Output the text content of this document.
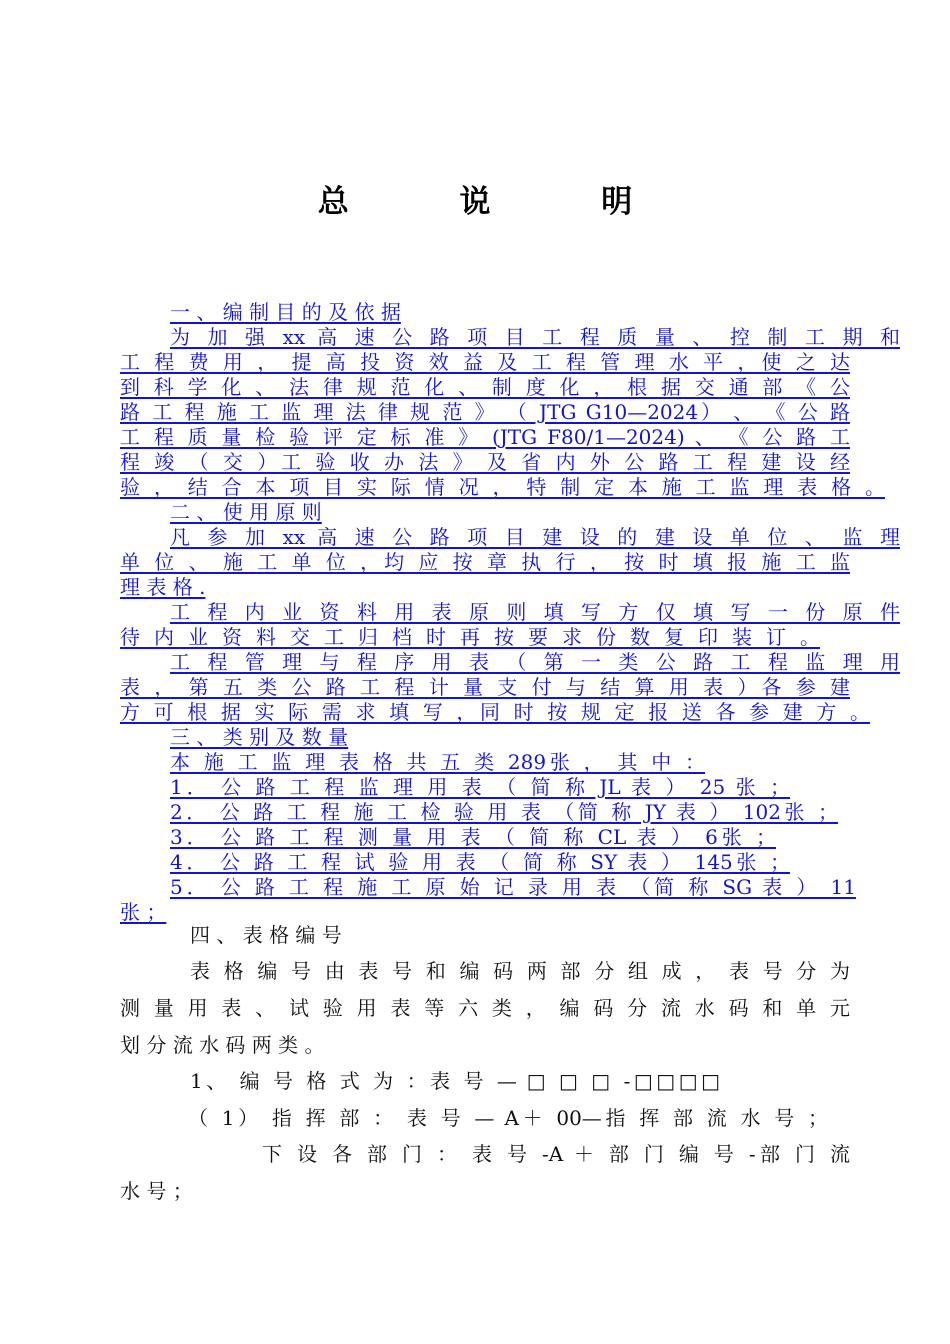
总 说 明

一 、 编 制 目 的 及 依 据

为 加 强 xx 高 速 公 路 项 目 工 程 质 量 、 控 制 工 期 和

工 程 费 用 ， 提 高 投 资 效 益 及 工 程 管 理 水 平 ，使 之 达

到 科 学 化 、 法 律 规 范 化 、 制 度 化 ， 根 据 交 通 部 《 公

路 工 程 施 工 监 理 法 律 规 范 》 （ JTG G10—2024） 、 《 公 路

工 程 质 量 检 验 评 定 标 准 》 (JTG F80/1—2024) 、 《 公 路 工

程 竣 （ 交 ）工 验 收 办 法 》 及 省 内 外 公 路 工 程 建 设 经

验 ， 结 合 本 项 目 实 际 情 况 ， 特 制 定 本 施 工 监 理 表 格 。

二 、 使 用 原 则

凡 参 加 xx 高 速 公 路 项 目 建 设 的 建 设 单 位 、 监 理

单 位 、 施 工 单 位 ，均 应 按 章 执 行 ， 按 时 填 报 施 工 监

理 表 格 .

工 程 内 业 资 料 用 表 原 则 填 写 方 仅 填 写 一 份 原 件

待 内 业 资 料 交 工 归 档 时 再 按 要 求 份 数 复 印 装 订 。

工 程 管 理 与 程 序 用 表 （ 第 一 类 公 路 工 程 监 理 用

表 ， 第 五 类 公 路 工 程 计 量 支 付 与 结 算 用 表 ）各 参 建

方 可 根 据 实 际 需 求 填 写 ，同 时 按 规 定 报 送 各 参 建 方 。

三 、 类 别 及 数 量

本 施 工 监 理 表 格 共 五 类 289张 ， 其 中 ：

1． 公 路 工 程 监 理 用 表 （ 简 称 JL 表 ） 25 张 ；

2． 公 路 工 程 施 工 检 验 用 表 （简 称 JY 表 ） 102张 ；

3． 公 路 工 程 测 量 用 表 （ 简 称 CL 表 ） 6张 ；

4． 公 路 工 程 试 验 用 表 （ 简 称 SY 表 ） 145张 ；

5． 公 路 工 程 施 工 原 始 记 录 用 表 （简 称 SG 表 ） 11

张 ；

四 、 表 格 编 号

表 格 编 号 由 表 号 和 编 码 两 部 分 组 成 ， 表 号 分 为

测 量 用 表 、 试 验 用 表 等 六 类 ， 编 码 分 流 水 码 和 单 元

划 分 流 水 码 两 类 。

1、 编 号 格 式 为 ：表 号 — □ □ □ -□□□□

（ 1） 指 挥 部 ： 表 号 — A＋ 00—指 挥 部 流 水 号 ；

下 设 各 部 门 ： 表 号 -A ＋ 部 门 编 号 -部 门 流

水 号 ；
